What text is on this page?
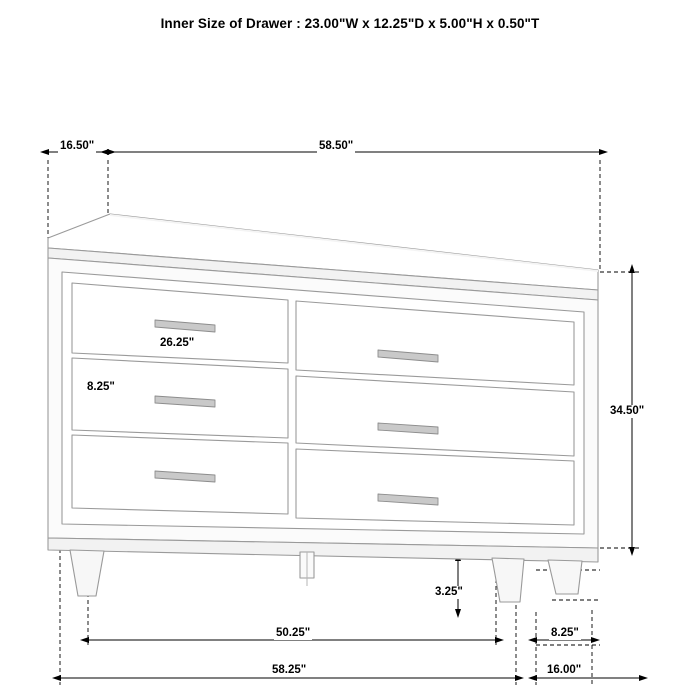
Inner Size of Drawer : 23.00"W x 12.25"D x 5.00"H x 0.50"T
16.50"	58.50"
26.25"
8.25"
34.50"
3.25"
50.25"	8.25"
58.25"	16.00"
